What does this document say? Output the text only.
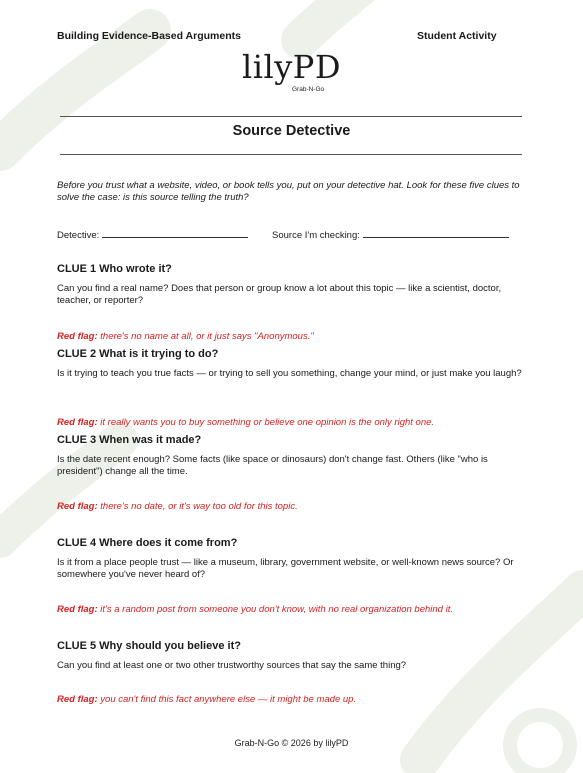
Building Evidence-Based Arguments	Student Activity
lilyPD
Grab-N-Go
Source Detective
Before you trust what a website, video, or book tells you, put on your detective hat. Look for these five clues to solve the case: is this source telling the truth?
Detective:	Source I'm checking:
CLUE 1 Who wrote it?

Can you find a real name? Does that person or group know a lot about this topic — like a scientist, doctor, teacher, or reporter?

Red flag: there's no name at all, or it just says "Anonymous."
CLUE 2 What is it trying to do?

Is it trying to teach you true facts — or trying to sell you something, change your mind, or just make you laugh?

Red flag: it really wants you to buy something or believe one opinion is the only right one.
CLUE 3 When was it made?

Is the date recent enough? Some facts (like space or dinosaurs) don't change fast. Others (like "who is president") change all the time.

Red flag: there's no date, or it's way too old for this topic.
CLUE 4 Where does it come from?

Is it from a place people trust — like a museum, library, government website, or well-known news source? Or somewhere you've never heard of?

Red flag: it's a random post from someone you don't know, with no real organization behind it.
CLUE 5 Why should you believe it?

Can you find at least one or two other trustworthy sources that say the same thing?

Red flag: you can't find this fact anywhere else — it might be made up.
Grab-N-Go © 2026 by lilyPD
